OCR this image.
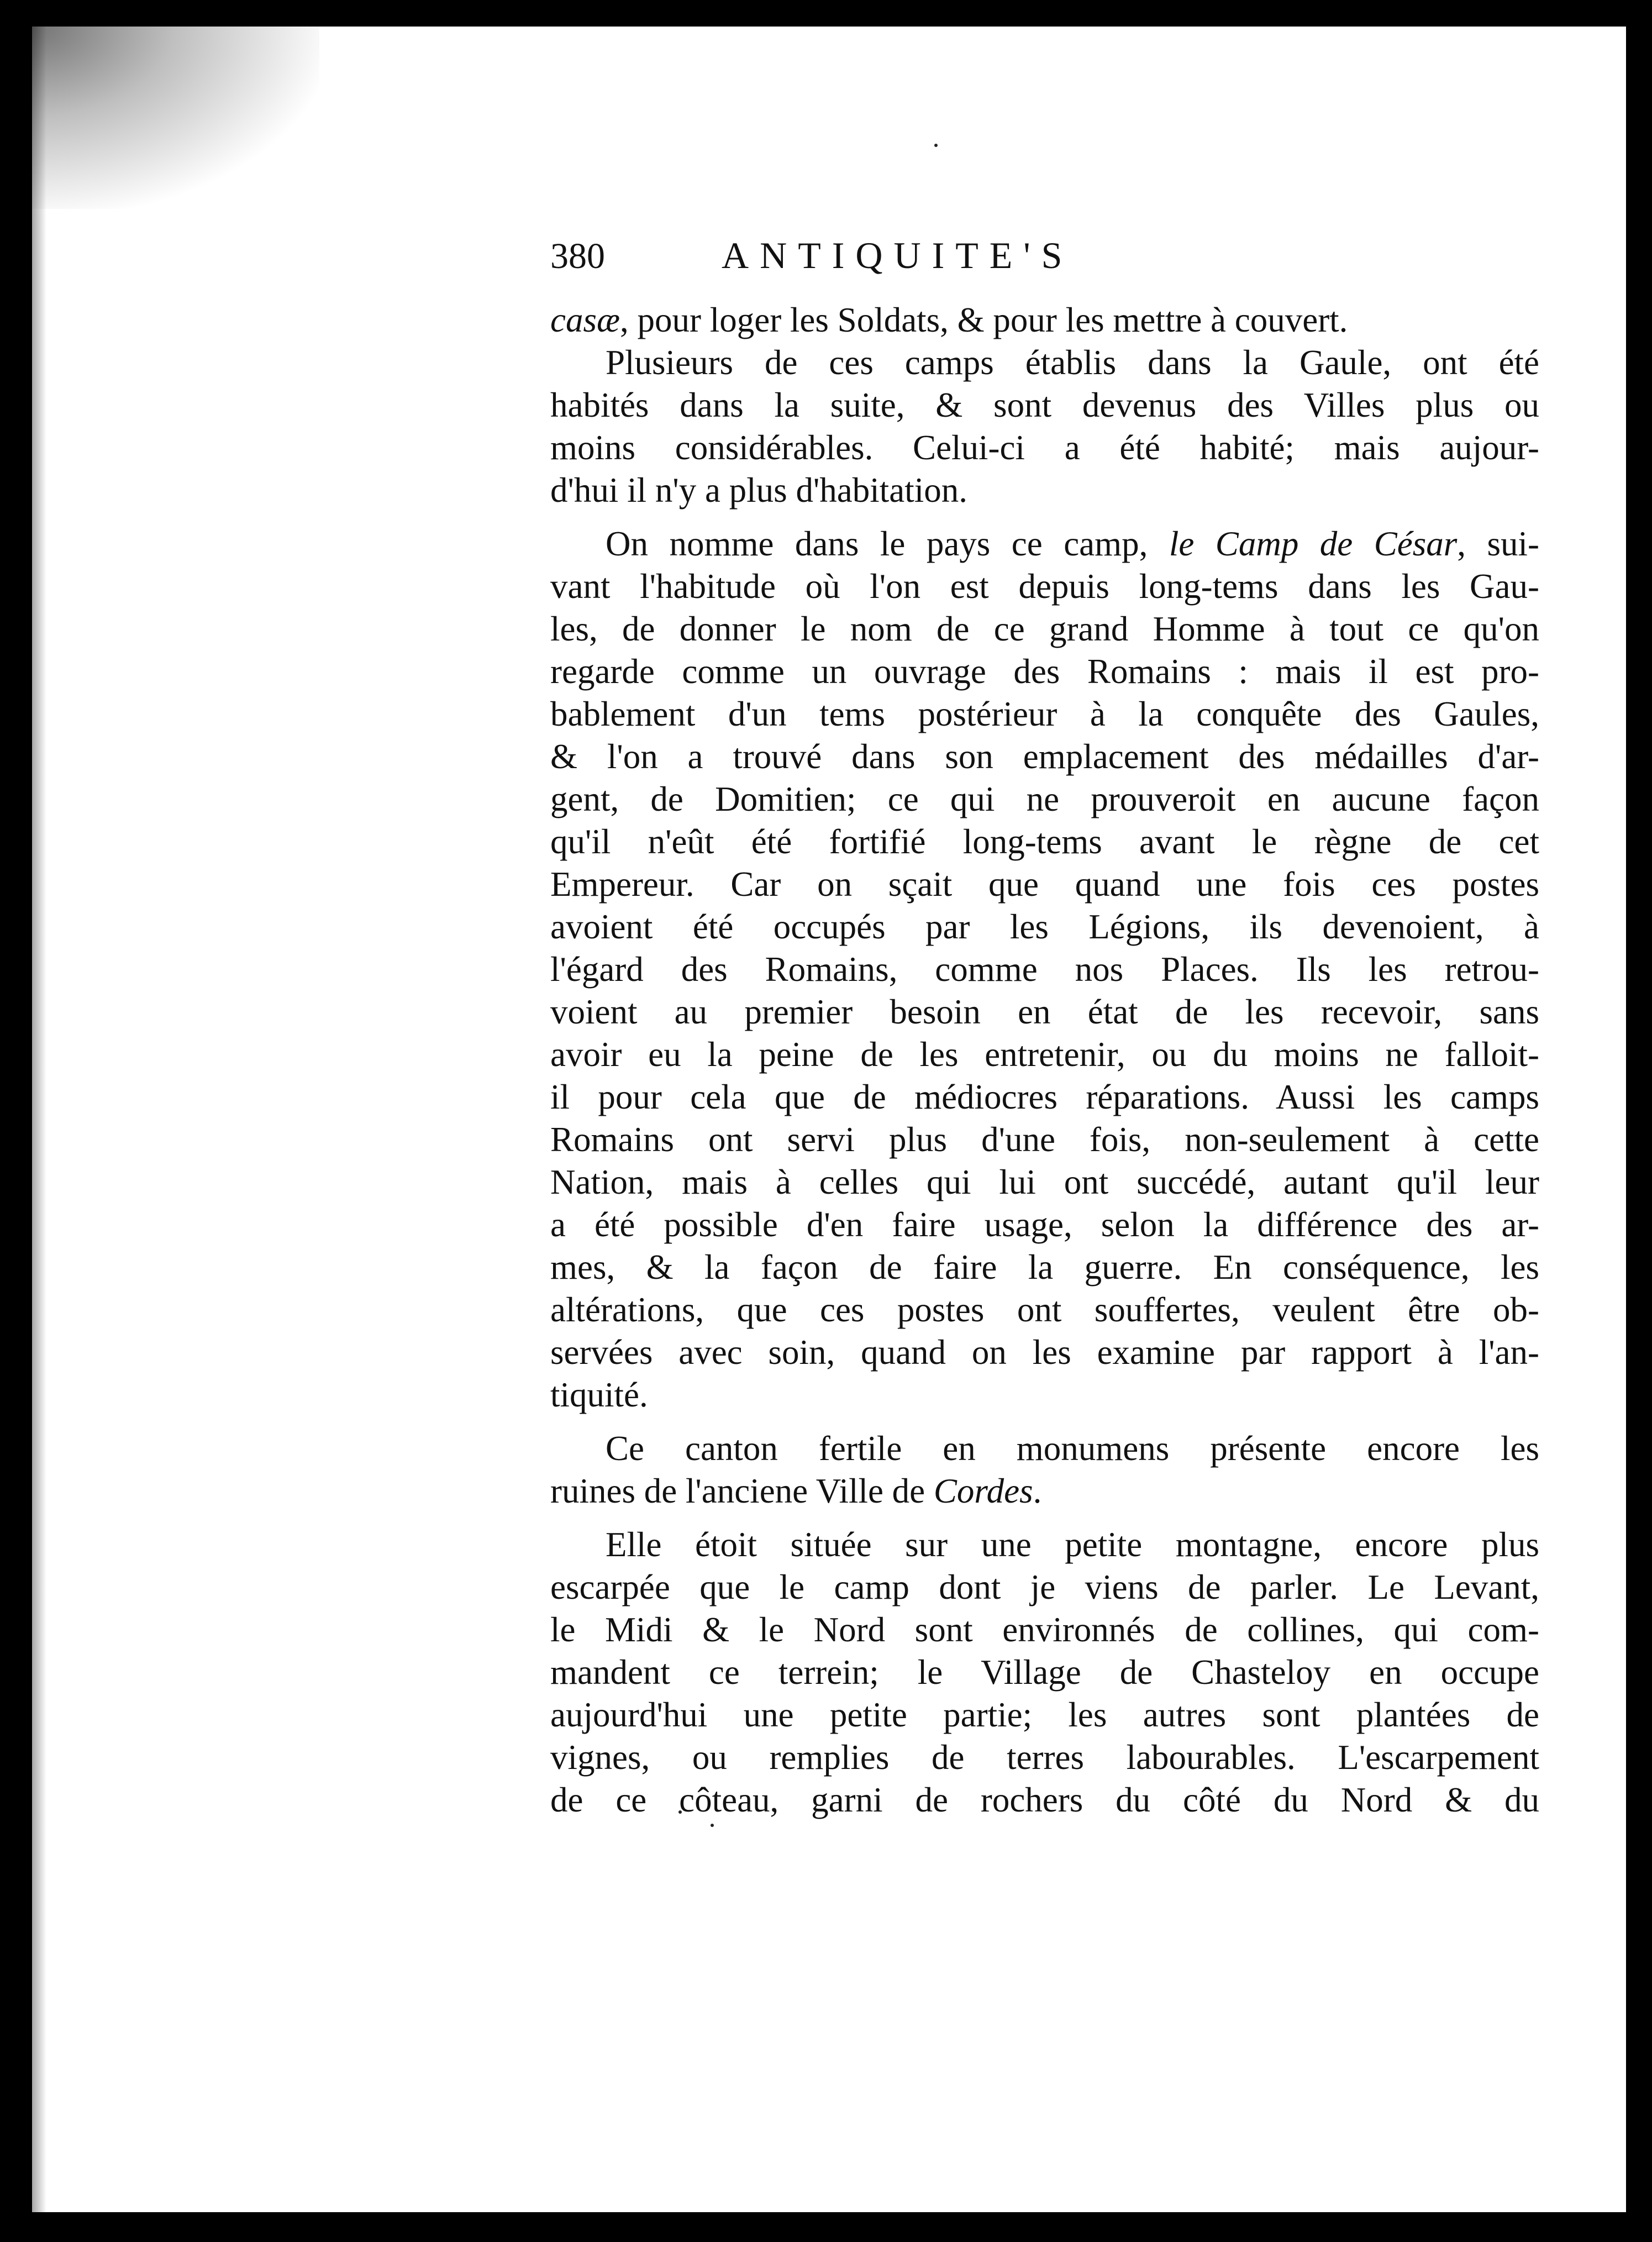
380	ANTIQUITE'S
casæ, pour loger les Soldats, & pour les mettre à couvert.
Plusieurs de ces camps établis dans la Gaule, ont été
habités dans la suite, & sont devenus des Villes plus ou
moins considérables. Celui-ci a été habité; mais aujour-
d'hui il n'y a plus d'habitation.
On nomme dans le pays ce camp, le Camp de César, sui-
vant l'habitude où l'on est depuis long-tems dans les Gau-
les, de donner le nom de ce grand Homme à tout ce qu'on
regarde comme un ouvrage des Romains : mais il est pro-
bablement d'un tems postérieur à la conquête des Gaules,
& l'on a trouvé dans son emplacement des médailles d'ar-
gent, de Domitien; ce qui ne prouveroit en aucune façon
qu'il n'eût été fortifié long-tems avant le règne de cet
Empereur. Car on sçait que quand une fois ces postes
avoient été occupés par les Légions, ils devenoient, à
l'égard des Romains, comme nos Places. Ils les retrou-
voient au premier besoin en état de les recevoir, sans
avoir eu la peine de les entretenir, ou du moins ne falloit-
il pour cela que de médiocres réparations. Aussi les camps
Romains ont servi plus d'une fois, non-seulement à cette
Nation, mais à celles qui lui ont succédé, autant qu'il leur
a été possible d'en faire usage, selon la différence des ar-
mes, & la façon de faire la guerre. En conséquence, les
altérations, que ces postes ont souffertes, veulent être ob-
servées avec soin, quand on les examine par rapport à l'an-
tiquité.
Ce canton fertile en monumens présente encore les
ruines de l'anciene Ville de Cordes.
Elle étoit située sur une petite montagne, encore plus
escarpée que le camp dont je viens de parler. Le Levant,
le Midi & le Nord sont environnés de collines, qui com-
mandent ce terrein; le Village de Chasteloy en occupe
aujourd'hui une petite partie; les autres sont plantées de
vignes, ou remplies de terres labourables. L'escarpement
de ce côteau, garni de rochers du côté du Nord & du
